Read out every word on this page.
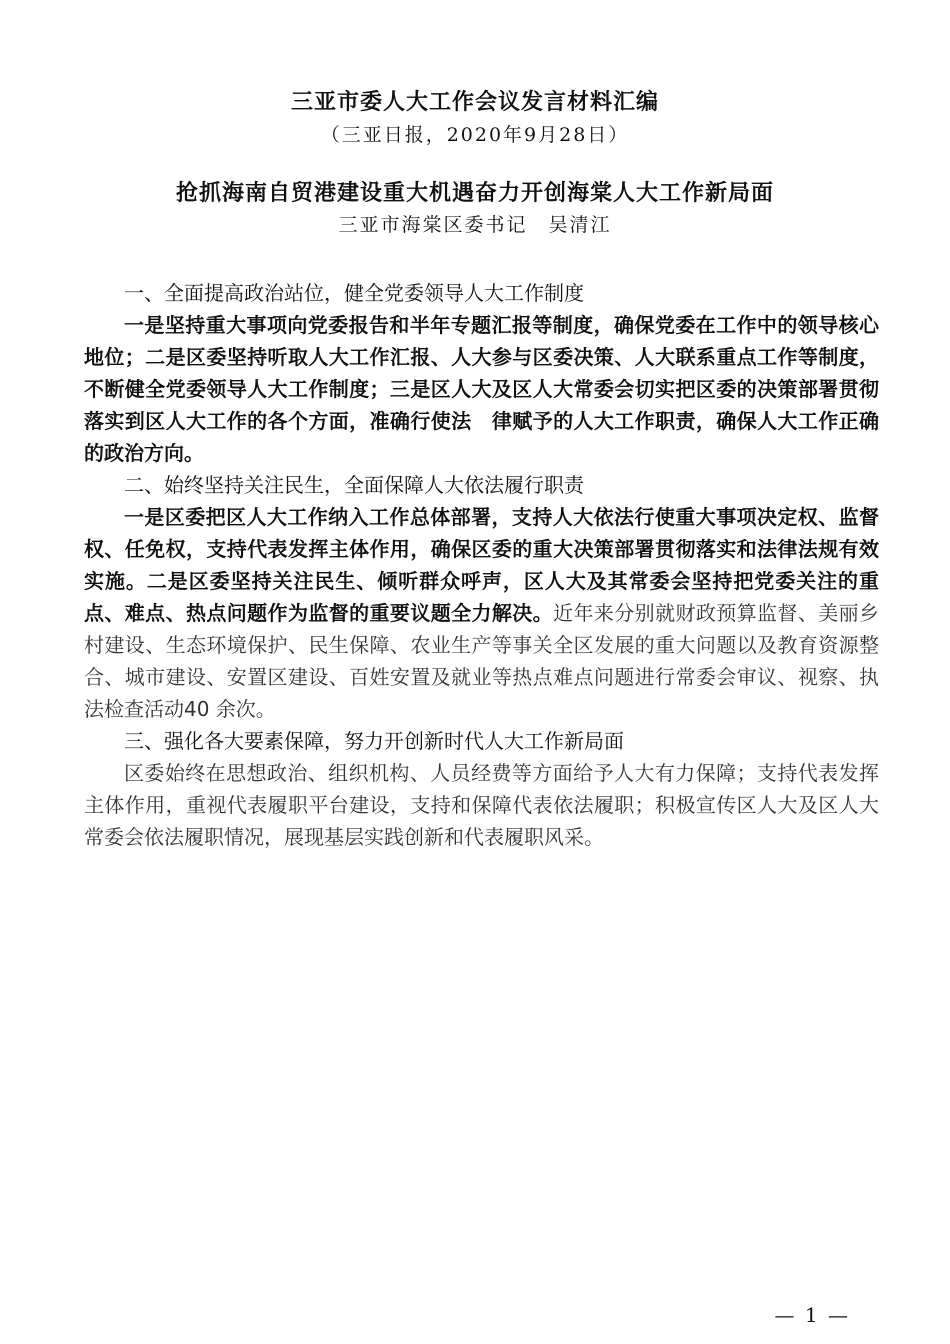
三亚市委人大工作会议发言材料汇编
（三亚日报，2020年9月28日）
抢抓海南自贸港建设重大机遇奋力开创海棠人大工作新局面
三亚市海棠区委书记　吴清江

一、全面提高政治站位，健全党委领导人大工作制度

一是坚持重大事项向党委报告和半年专题汇报等制度，确保党委在工作中的领导核心地位；二是区委坚持听取人大工作汇报、人大参与区委决策、人大联系重点工作等制度，不断健全党委领导人大工作制度；三是区人大及区人大常委会切实把区委的决策部署贯彻落实到区人大工作的各个方面，准确行使法　律赋予的人大工作职责，确保人大工作正确的政治方向。

二、始终坚持关注民生，全面保障人大依法履行职责

一是区委把区人大工作纳入工作总体部署，支持人大依法行使重大事项决定权、监督权、任免权，支持代表发挥主体作用，确保区委的重大决策部署贯彻落实和法律法规有效实施。二是区委坚持关注民生、倾听群众呼声，区人大及其常委会坚持把党委关注的重点、难点、热点问题作为监督的重要议题全力解决。近年来分别就财政预算监督、美丽乡村建设、生态环境保护、民生保障、农业生产等事关全区发展的重大问题以及教育资源整合、城市建设、安置区建设、百姓安置及就业等热点难点问题进行常委会审议、视察、执法检查活动40 余次。

三、强化各大要素保障，努力开创新时代人大工作新局面

区委始终在思想政治、组织机构、人员经费等方面给予人大有力保障；支持代表发挥主体作用，重视代表履职平台建设，支持和保障代表依法履职；积极宣传区人大及区人大常委会依法履职情况，展现基层实践创新和代表履职风采。

— 1 —
